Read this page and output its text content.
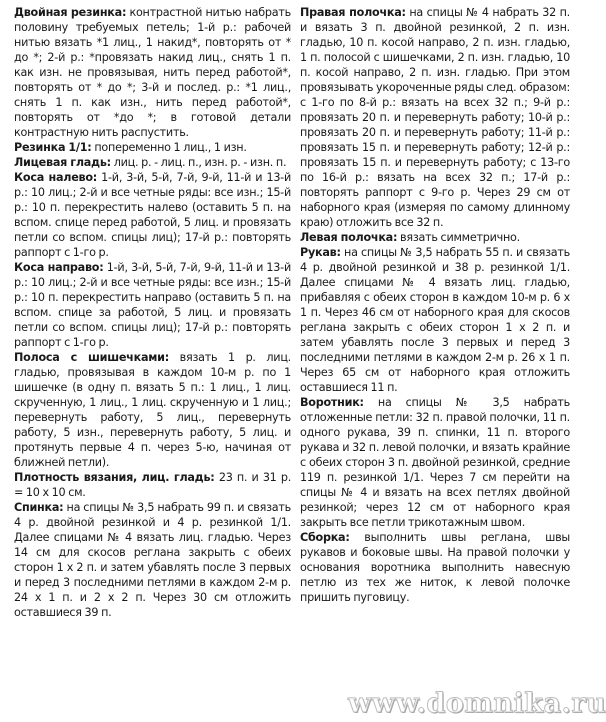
Двойная резинка: контрастной нитью набрать половину требуемых петель; 1-й р.: рабочей нитью вязать *1 лиц., 1 накид*, повторять от * до *; 2-й р.: *провязать накид лиц., снять 1 п. как изн. не провязывая, нить перед работой*, повторять от * до *; 3-й и послед. р.: *1 лиц., снять 1 п. как изн., нить перед работой*, повторять от *до *; в готовой детали контрастную нить распустить.

Резинка 1/1: попеременно 1 лиц., 1 изн.

Лицевая гладь: лиц. р. - лиц. п., изн. р. - изн. п.

Коса налево: 1-й, 3-й, 5-й, 7-й, 9-й, 11-й и 13-й р.: 10 лиц.; 2-й и все четные ряды: все изн.; 15-й р.: 10 п. перекрестить налево (оставить 5 п. на вспом. спице перед работой, 5 лиц. и провязать петли со вспом. спицы лиц); 17-й р.: повторять раппорт с 1-го р.

Коса направо: 1-й, 3-й, 5-й, 7-й, 9-й, 11-й и 13-й р.: 10 лиц.; 2-й и все четные ряды: все изн.; 15-й р.: 10 п. перекрестить направо (оставить 5 п. на вспом. спице за работой, 5 лиц. и провязать петли со вспом. спицы лиц); 17-й р.: повторять раппорт с 1-го р.

Полоса с шишечками: вязать 1 р. лиц. гладью, провязывая в каждом 10-м р. по 1 шишечке (в одну п. вязать 5 п.: 1 лиц., 1 лиц. скрученную, 1 лиц., 1 лиц. скрученную и 1 лиц.; перевернуть работу, 5 лиц., перевернуть работу, 5 изн., перевернуть работу, 5 лиц. и протянуть первые 4 п. через 5-ю, начиная от ближней петли).

Плотность вязания, лиц. гладь: 23 п. и 31 р. = 10 х 10 см.

Спинка: на спицы № 3,5 набрать 99 п. и связать 4 р. двойной резинкой и 4 р. резинкой 1/1. Далее спицами № 4 вязать лиц. гладью. Через 14 см для скосов реглана закрыть с обеих сторон 1 х 2 п. и затем убавлять после 3 первых и перед 3 последними петлями в каждом 2-м р. 24 х 1 п. и 2 х 2 п. Через 30 см отложить оставшиеся 39 п.

Правая полочка: на спицы № 4 набрать 32 п. и вязать 3 п. двойной резинкой, 2 п. изн. гладью, 10 п. косой направо, 2 п. изн. гладью, 1 п. полосой с шишечками, 2 п. изн. гладью, 10 п. косой направо, 2 п. изн. гладью. При этом провязывать укороченные ряды след. образом: с 1-го по 8-й р.: вязать на всех 32 п.; 9-й р.: провязать 20 п. и перевернуть работу; 10-й р.: провязать 20 п. и перевернуть работу; 11-й р.: провязать 15 п. и перевернуть работу; 12-й р.: провязать 15 п. и перевернуть работу; с 13-го по 16-й р.: вязать на всех 32 п.; 17-й р.: повторять раппорт с 9-го р. Через 29 см от наборного края (измеряя по самому длинному краю) отложить все 32 п.

Левая полочка: вязать симметрично.

Рукав: на спицы № 3,5 набрать 55 п. и связать 4 р. двойной резинкой и 38 р. резинкой 1/1. Далее спицами № 4 вязать лиц. гладью, прибавляя с обеих сторон в каждом 10-м р. 6 х 1 п. Через 46 см от наборного края для скосов реглана закрыть с обеих сторон 1 х 2 п. и затем убавлять после 3 первых и перед 3 последними петлями в каждом 2-м р. 26 х 1 п. Через 65 см от наборного края отложить оставшиеся 11 п.

Воротник: на спицы № 3,5 набрать отложенные петли: 32 п. правой полочки, 11 п. одного рукава, 39 п. спинки, 11 п. второго рукава и 32 п. левой полочки, и вязать крайние с обеих сторон 3 п. двойной резинкой, средние 119 п. резинкой 1/1. Через 7 см перейти на спицы № 4 и вязать на всех петлях двойной резинкой; через 12 см от наборного края закрыть все петли трикотажным швом.

Сборка: выполнить швы реглана, швы рукавов и боковые швы. На правой полочки у основания воротника выполнить навесную петлю из тех же ниток, к левой полочке пришить пуговицу.

www.domnika.ru
